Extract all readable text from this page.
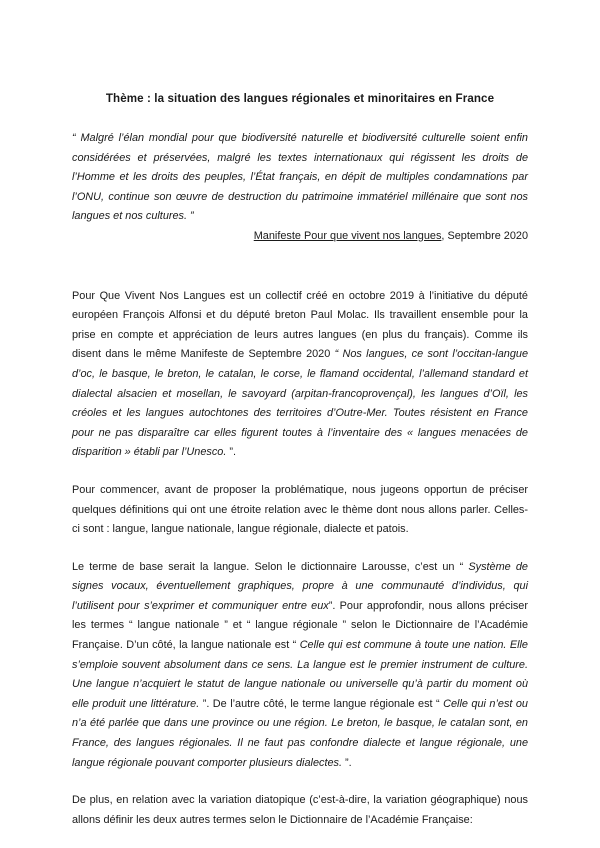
Thème : la situation des langues régionales et minoritaires en France

“ Malgré l’élan mondial pour que biodiversité naturelle et biodiversité culturelle soient enfin considérées et préservées, malgré les textes internationaux qui régissent les droits de l’Homme et les droits des peuples, l’État français, en dépit de multiples condamnations par l’ONU, continue son œuvre de destruction du patrimoine immatériel millénaire que sont nos langues et nos cultures. ”

Manifeste Pour que vivent nos langues, Septembre 2020

Pour Que Vivent Nos Langues est un collectif créé en octobre 2019 à l’initiative du député européen François Alfonsi et du député breton Paul Molac. Ils travaillent ensemble pour la prise en compte et appréciation de leurs autres langues (en plus du français). Comme ils disent dans le même Manifeste de Septembre 2020 “ Nos langues, ce sont l’occitan-langue d’oc, le basque, le breton, le catalan, le corse, le flamand occidental, l’allemand standard et dialectal alsacien et mosellan, le savoyard (arpitan-francoprovençal), les langues d’Oïl, les créoles et les langues autochtones des territoires d’Outre-Mer. Toutes résistent en France pour ne pas disparaître car elles figurent toutes à l’inventaire des « langues menacées de disparition » établi par l’Unesco. ”.

Pour commencer, avant de proposer la problématique, nous jugeons opportun de préciser quelques définitions qui ont une étroite relation avec le thème dont nous allons parler. Celles-ci sont : langue, langue nationale, langue régionale, dialecte et patois.

Le terme de base serait la langue. Selon le dictionnaire Larousse, c’est un “ Système de signes vocaux, éventuellement graphiques, propre à une communauté d’individus, qui l’utilisent pour s’exprimer et communiquer entre eux”. Pour approfondir, nous allons préciser les termes “ langue nationale ” et “ langue régionale ” selon le Dictionnaire de l’Académie Française. D’un côté, la langue nationale est “ Celle qui est commune à toute une nation. Elle s’emploie souvent absolument dans ce sens. La langue est le premier instrument de culture. Une langue n’acquiert le statut de langue nationale ou universelle qu’à partir du moment où elle produit une littérature. ”. De l’autre côté, le terme langue régionale est “ Celle qui n’est ou n’a été parlée que dans une province ou une région. Le breton, le basque, le catalan sont, en France, des langues régionales. Il ne faut pas confondre dialecte et langue régionale, une langue régionale pouvant comporter plusieurs dialectes. ”.

De plus, en relation avec la variation diatopique (c’est-à-dire, la variation géographique) nous allons définir les deux autres termes selon le Dictionnaire de l’Académie Française:
